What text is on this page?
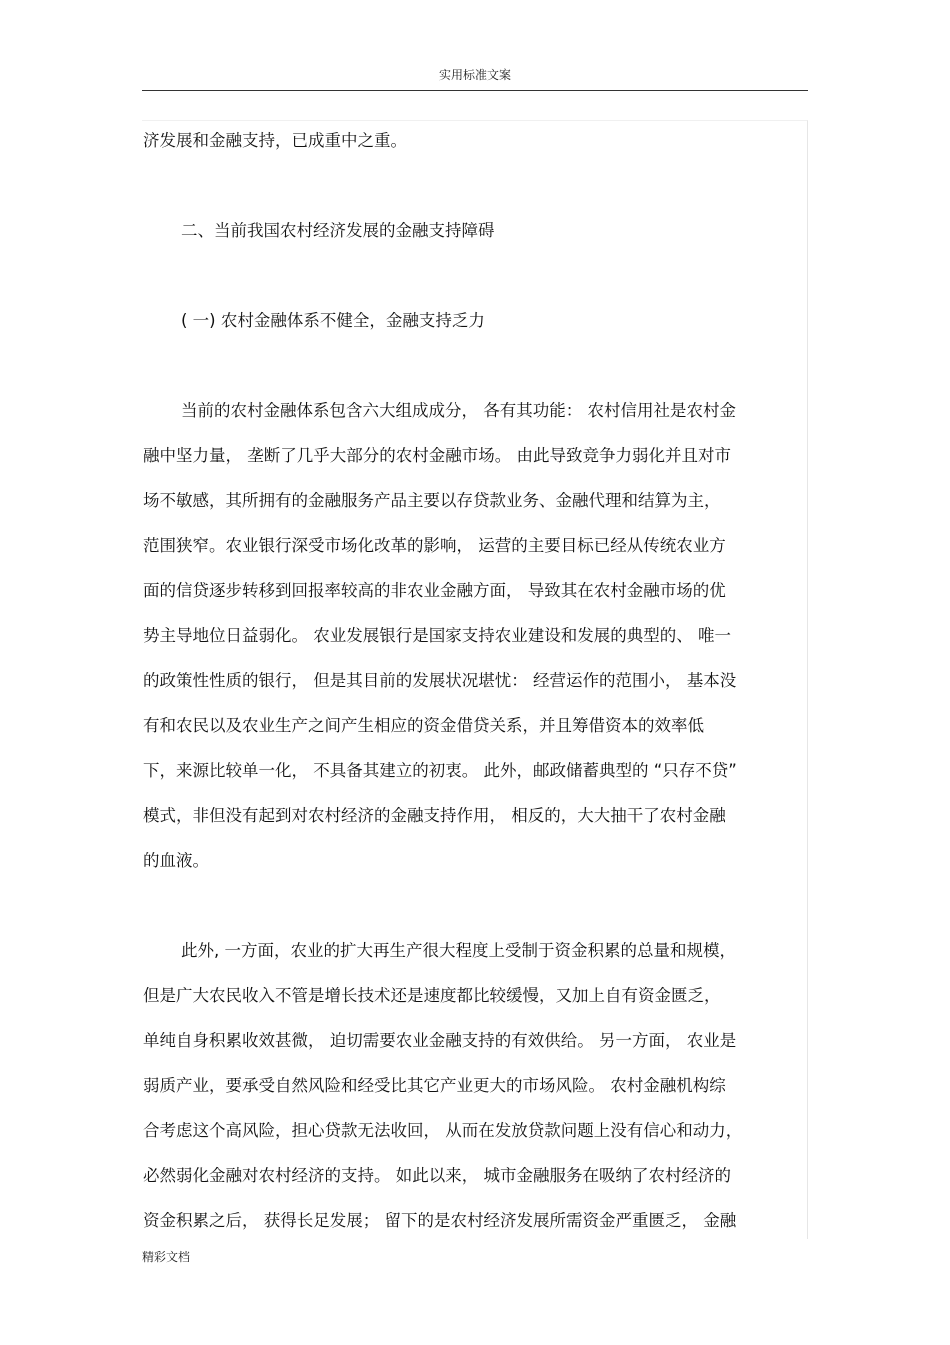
实用标准文案
济发展和金融支持，已成重中之重。
二、当前我国农村经济发展的金融支持障碍
( 一) 农村金融体系不健全，金融支持乏力
当前的农村金融体系包含六大组成成分， 各有其功能： 农村信用社是农村金
融中坚力量， 垄断了几乎大部分的农村金融市场。 由此导致竞争力弱化并且对市
场不敏感，其所拥有的金融服务产品主要以存贷款业务、金融代理和结算为主，
范围狭窄。农业银行深受市场化改革的影响， 运营的主要目标已经从传统农业方
面的信贷逐步转移到回报率较高的非农业金融方面， 导致其在农村金融市场的优
势主导地位日益弱化。 农业发展银行是国家支持农业建设和发展的典型的、 唯一
的政策性性质的银行， 但是其目前的发展状况堪忧： 经营运作的范围小， 基本没
有和农民以及农业生产之间产生相应的资金借贷关系，并且筹借资本的效率低
下，来源比较单一化， 不具备其建立的初衷。 此外，邮政储蓄典型的 “只存不贷”
模式，非但没有起到对农村经济的金融支持作用， 相反的，大大抽干了农村金融
的血液。
此外, 一方面，农业的扩大再生产很大程度上受制于资金积累的总量和规模，
但是广大农民收入不管是增长技术还是速度都比较缓慢，又加上自有资金匮乏，
单纯自身积累收效甚微， 迫切需要农业金融支持的有效供给。 另一方面， 农业是
弱质产业，要承受自然风险和经受比其它产业更大的市场风险。 农村金融机构综
合考虑这个高风险，担心贷款无法收回， 从而在发放贷款问题上没有信心和动力，
必然弱化金融对农村经济的支持。 如此以来， 城市金融服务在吸纳了农村经济的
资金积累之后， 获得长足发展； 留下的是农村经济发展所需资金严重匮乏， 金融
精彩文档
